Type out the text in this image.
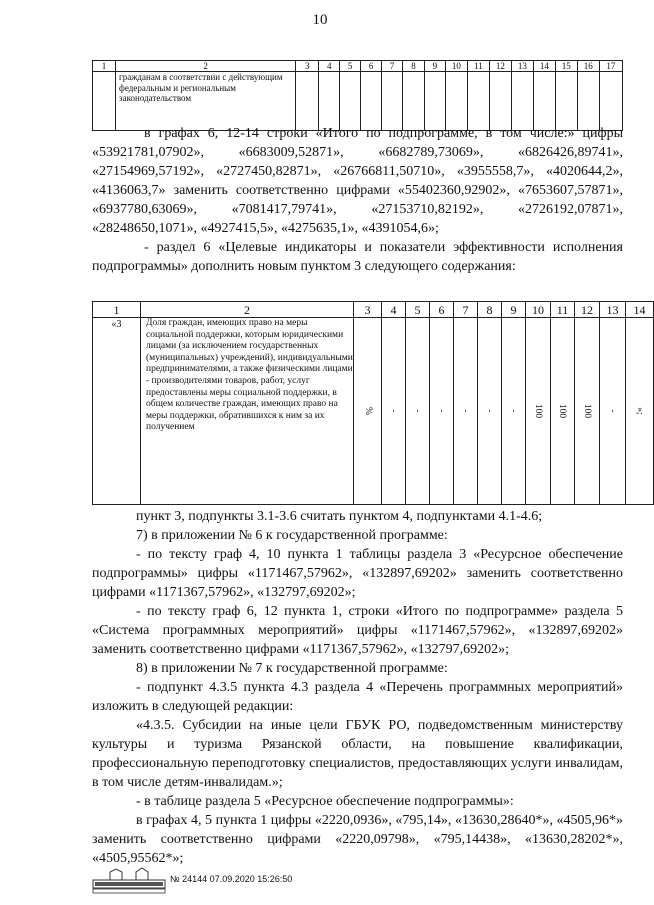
10
1	2	3	4	5	6	7	8	9	10	11	12	13	14	15	16	17
	гражданам в соответствии с действующим федеральным и региональным законодательством															

в графах 6, 12-14 строки «Итого по подпрограмме, в том числе:» цифры «53921781,07902», «6683009,52871», «6682789,73069», «6826426,89741», «27154969,57192», «2727450,82871», «26766811,50710», «3955558,7», «4020644,2», «4136063,7» заменить соответственно цифрами «55402360,92902», «7653607,57871», «6937780,63069», «7081417,79741», «27153710,82192», «2726192,07871», «28248650,1071», «4927415,5», «4275635,1», «4391054,6»;

- раздел 6 «Целевые индикаторы и показатели эффективности исполнения подпрограммы» дополнить новым пунктом 3 следующего содержания:

1	2	3	4	5	6	7	8	9	10	11	12	13	14
«3	Доля граждан, имеющих право на меры социальной поддержки, которым юридическими лицами (за исключением государственных (муниципальных) учреждений), индивидуальными предпринимателями, а также физическими лицами - производителями товаров, работ, услуг предоставлены меры социальной поддержки, в общем количестве граждан, имеющих право на меры поддержки, обратившихся к ним за их получением	%	-	-	-	-	-	-	100	100	100	-	»;

пункт 3, подпункты 3.1-3.6 считать пунктом 4, подпунктами 4.1-4.6;

7) в приложении № 6 к государственной программе:

- по тексту граф 4, 10 пункта 1 таблицы раздела 3 «Ресурсное обеспечение подпрограммы» цифры «1171467,57962», «132897,69202» заменить соответственно цифрами «1171367,57962», «132797,69202»;

- по тексту граф 6, 12 пункта 1, строки «Итого по подпрограмме» раздела 5 «Система программных мероприятий» цифры «1171467,57962», «132897,69202» заменить соответственно цифрами «1171367,57962», «132797,69202»;

8) в приложении № 7 к государственной программе:

- подпункт 4.3.5 пункта 4.3 раздела 4 «Перечень программных мероприятий» изложить в следующей редакции:

«4.3.5. Субсидии на иные цели ГБУК РО, подведомственным министерству культуры и туризма Рязанской области, на повышение квалификации, профессиональную переподготовку специалистов, предоставляющих услуги инвалидам, в том числе детям-инвалидам.»;

- в таблице раздела 5 «Ресурсное обеспечение подпрограммы»:

в графах 4, 5 пункта 1 цифры «2220,0936», «795,14», «13630,28640*», «4505,96*» заменить соответственно цифрами «2220,09798», «795,14438», «13630,28202*», «4505,95562*»;

№ 24144 07.09.2020 15:26:50
